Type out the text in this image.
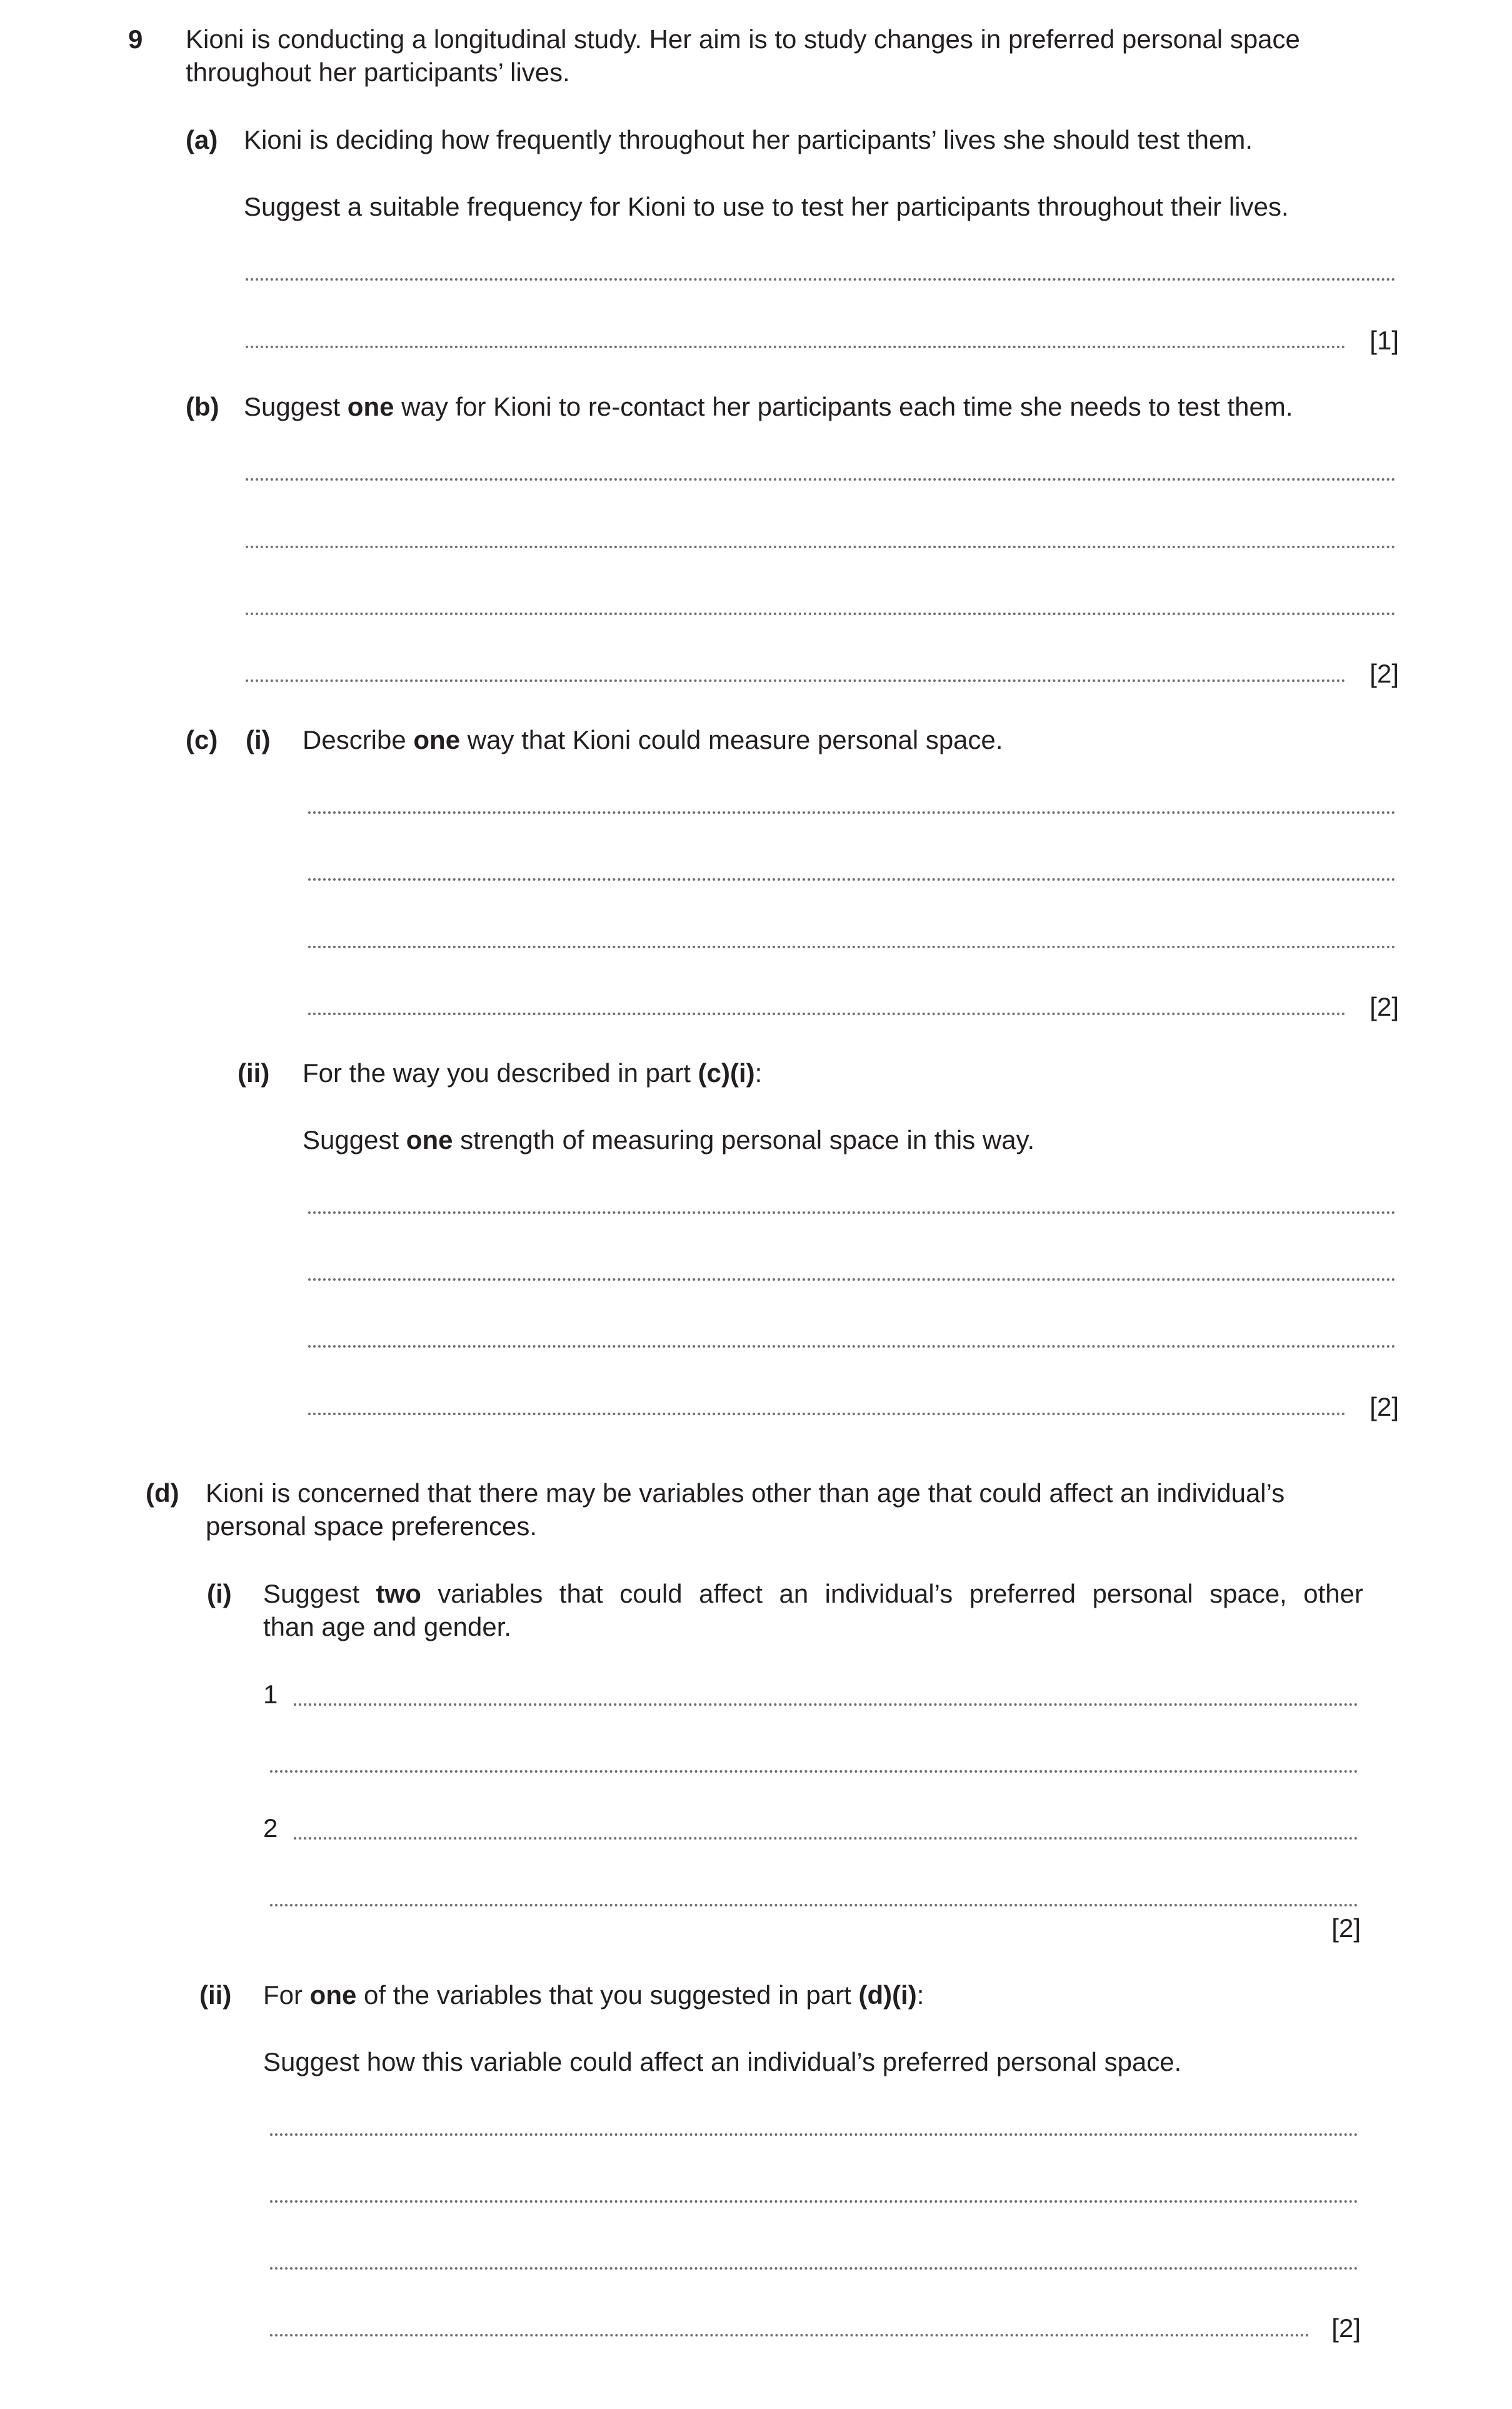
9 Kioni is conducting a longitudinal study. Her aim is to study changes in preferred personal space
throughout her participants’ lives.
(a) Kioni is deciding how frequently throughout her participants’ lives she should test them.
Suggest a suitable frequency for Kioni to use to test her participants throughout their lives.
[1]
(b) Suggest one way for Kioni to re-contact her participants each time she needs to test them.
[2]
(c) (i) Describe one way that Kioni could measure personal space.
[2]
(ii) For the way you described in part (c)(i):
Suggest one strength of measuring personal space in this way.
[2]
(d) Kioni is concerned that there may be variables other than age that could affect an individual’s
personal space preferences.
(i) Suggest two variables that could affect an individual’s preferred personal space, other
than age and gender.
1
2
[2]
(ii) For one of the variables that you suggested in part (d)(i):
Suggest how this variable could affect an individual’s preferred personal space.
[2]
